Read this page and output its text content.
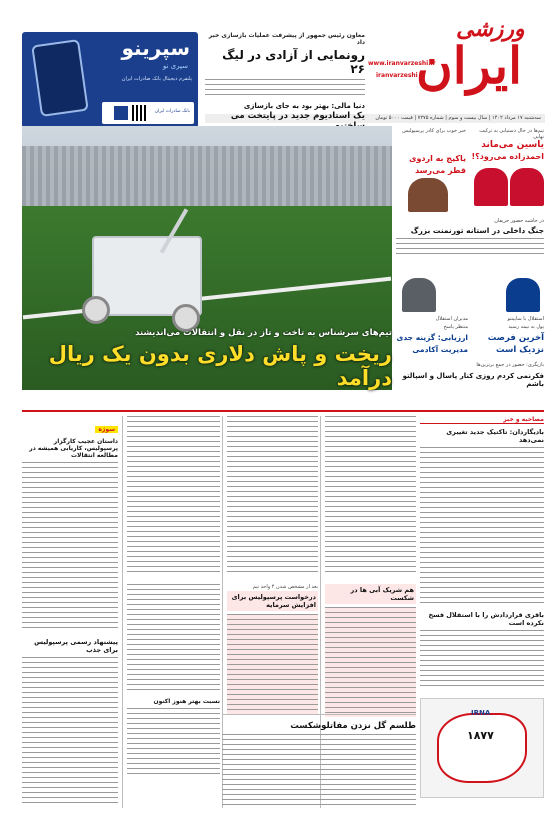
ورزشی
ایران
www.iranvarzeshi.ir
iranvarzeshi
سه‌شنبه ۱۷ مرداد ۱۴۰۲ | سال بیست و سوم | شماره ۷۲۷۵ | قیمت ۵۰۰۰ تومان
سپرینو
سپری نو
پلتفرم دیجیتال بانک صادرات ایران
بانک صادرات ایران
معاون رئیس جمهور از پیشرفت عملیات بازسازی خبر داد
رونمایی از آزادی در لیگ ۲۶
دنیا مالی: بهتر بود به جای بازسازی
یک استادیوم جدید در پایتخت می
تیم‌های سرشناس به تاخت و تاز در نقل و انتقالات می‌اندیشند
ریخت و پاش دلاری بدون یک ریال درآمد
تیم‌ها در حال دستیابی به ترکیب نهایی
یاسین می‌ماند
احمدزاده می‌رود؟!
خبر خوب برای کادر پرسپولیس
یاکیج به اردوی
قطر می‌رسد
در حاشیه حضور حریفان
جنگ داخلی در استانه تورنمنت بزرگ
استقلال با ساپینتو
پول به نیمه رسید
آخرین فرصت
نزدیک است
مدیران استقلال
منتظر پاسخ
ارزیابی: گزینه جدی
مدیریت آکادمی
بازیگری: حضور در جمع برترین‌ها
فکرنمی کردم روزی کنار پاسال و اسپالتو باشم
مصاحبه و خبر
بادیگاردان: تاکتیک جدید تغییری نمی‌دهد
باقری قراردادش را با استقلال فسخ نکرده است
IRNA
۱۸۷۷
هم شریک آبی ها در شکست
بعد از مشخص شدن ۴ واحد تیم
درخواست پرسپولیس برای افزایش سرمایه
نسبت بهتر هنوز اکنون
طلسم گل نزدن مفاتلوشکست
سوژه
داستان عجیب کارگزار پرسپولیس، کاریابی همیشه در مطالعه انتقالات
پیشنهاد رسمی پرسپولیس برای جذب
